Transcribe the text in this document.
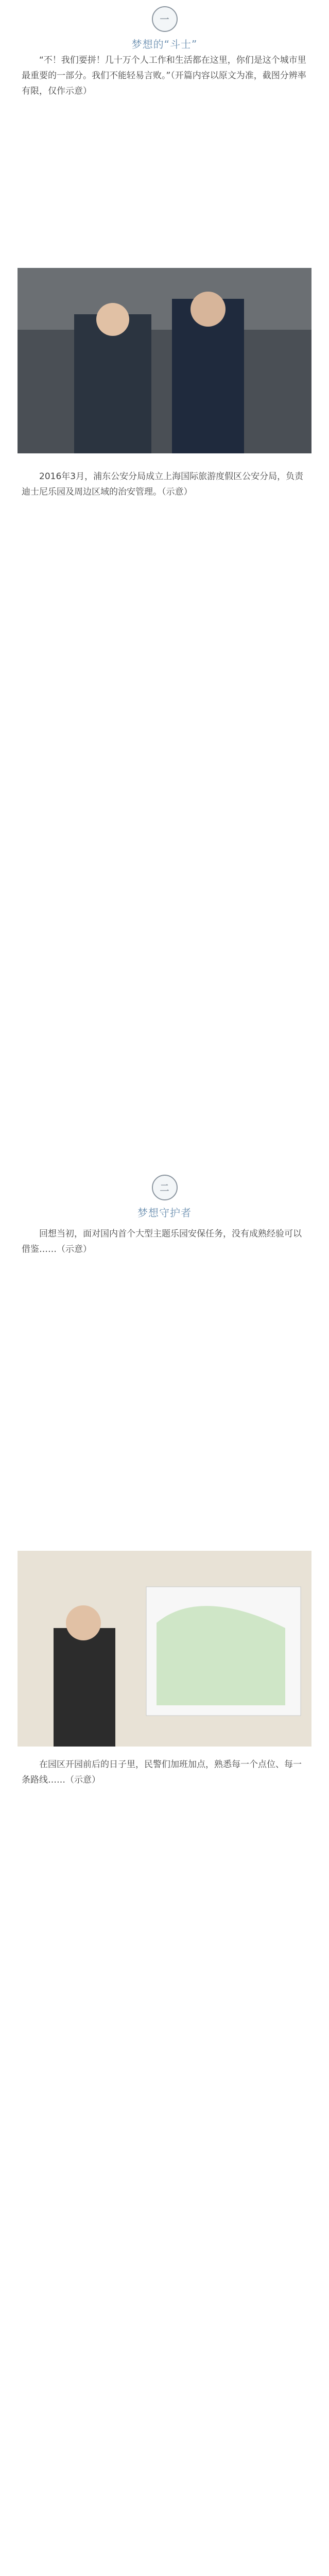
一
梦想的“斗士”
“不！我们要拼！几十万个人工作和生活都在这里，你们是这个城市里最重要的一部分。我们不能轻易言败。”（开篇内容以原文为准，截图分辨率有限，仅作示意）
2016年3月，浦东公安分局成立上海国际旅游度假区公安分局，负责迪士尼乐园及周边区域的治安管理。（示意）
二
梦想守护者
回想当初，面对国内首个大型主题乐园安保任务，没有成熟经验可以借鉴……（示意）
在园区开园前后的日子里，民警们加班加点，熟悉每一个点位、每一条路线……（示意）
